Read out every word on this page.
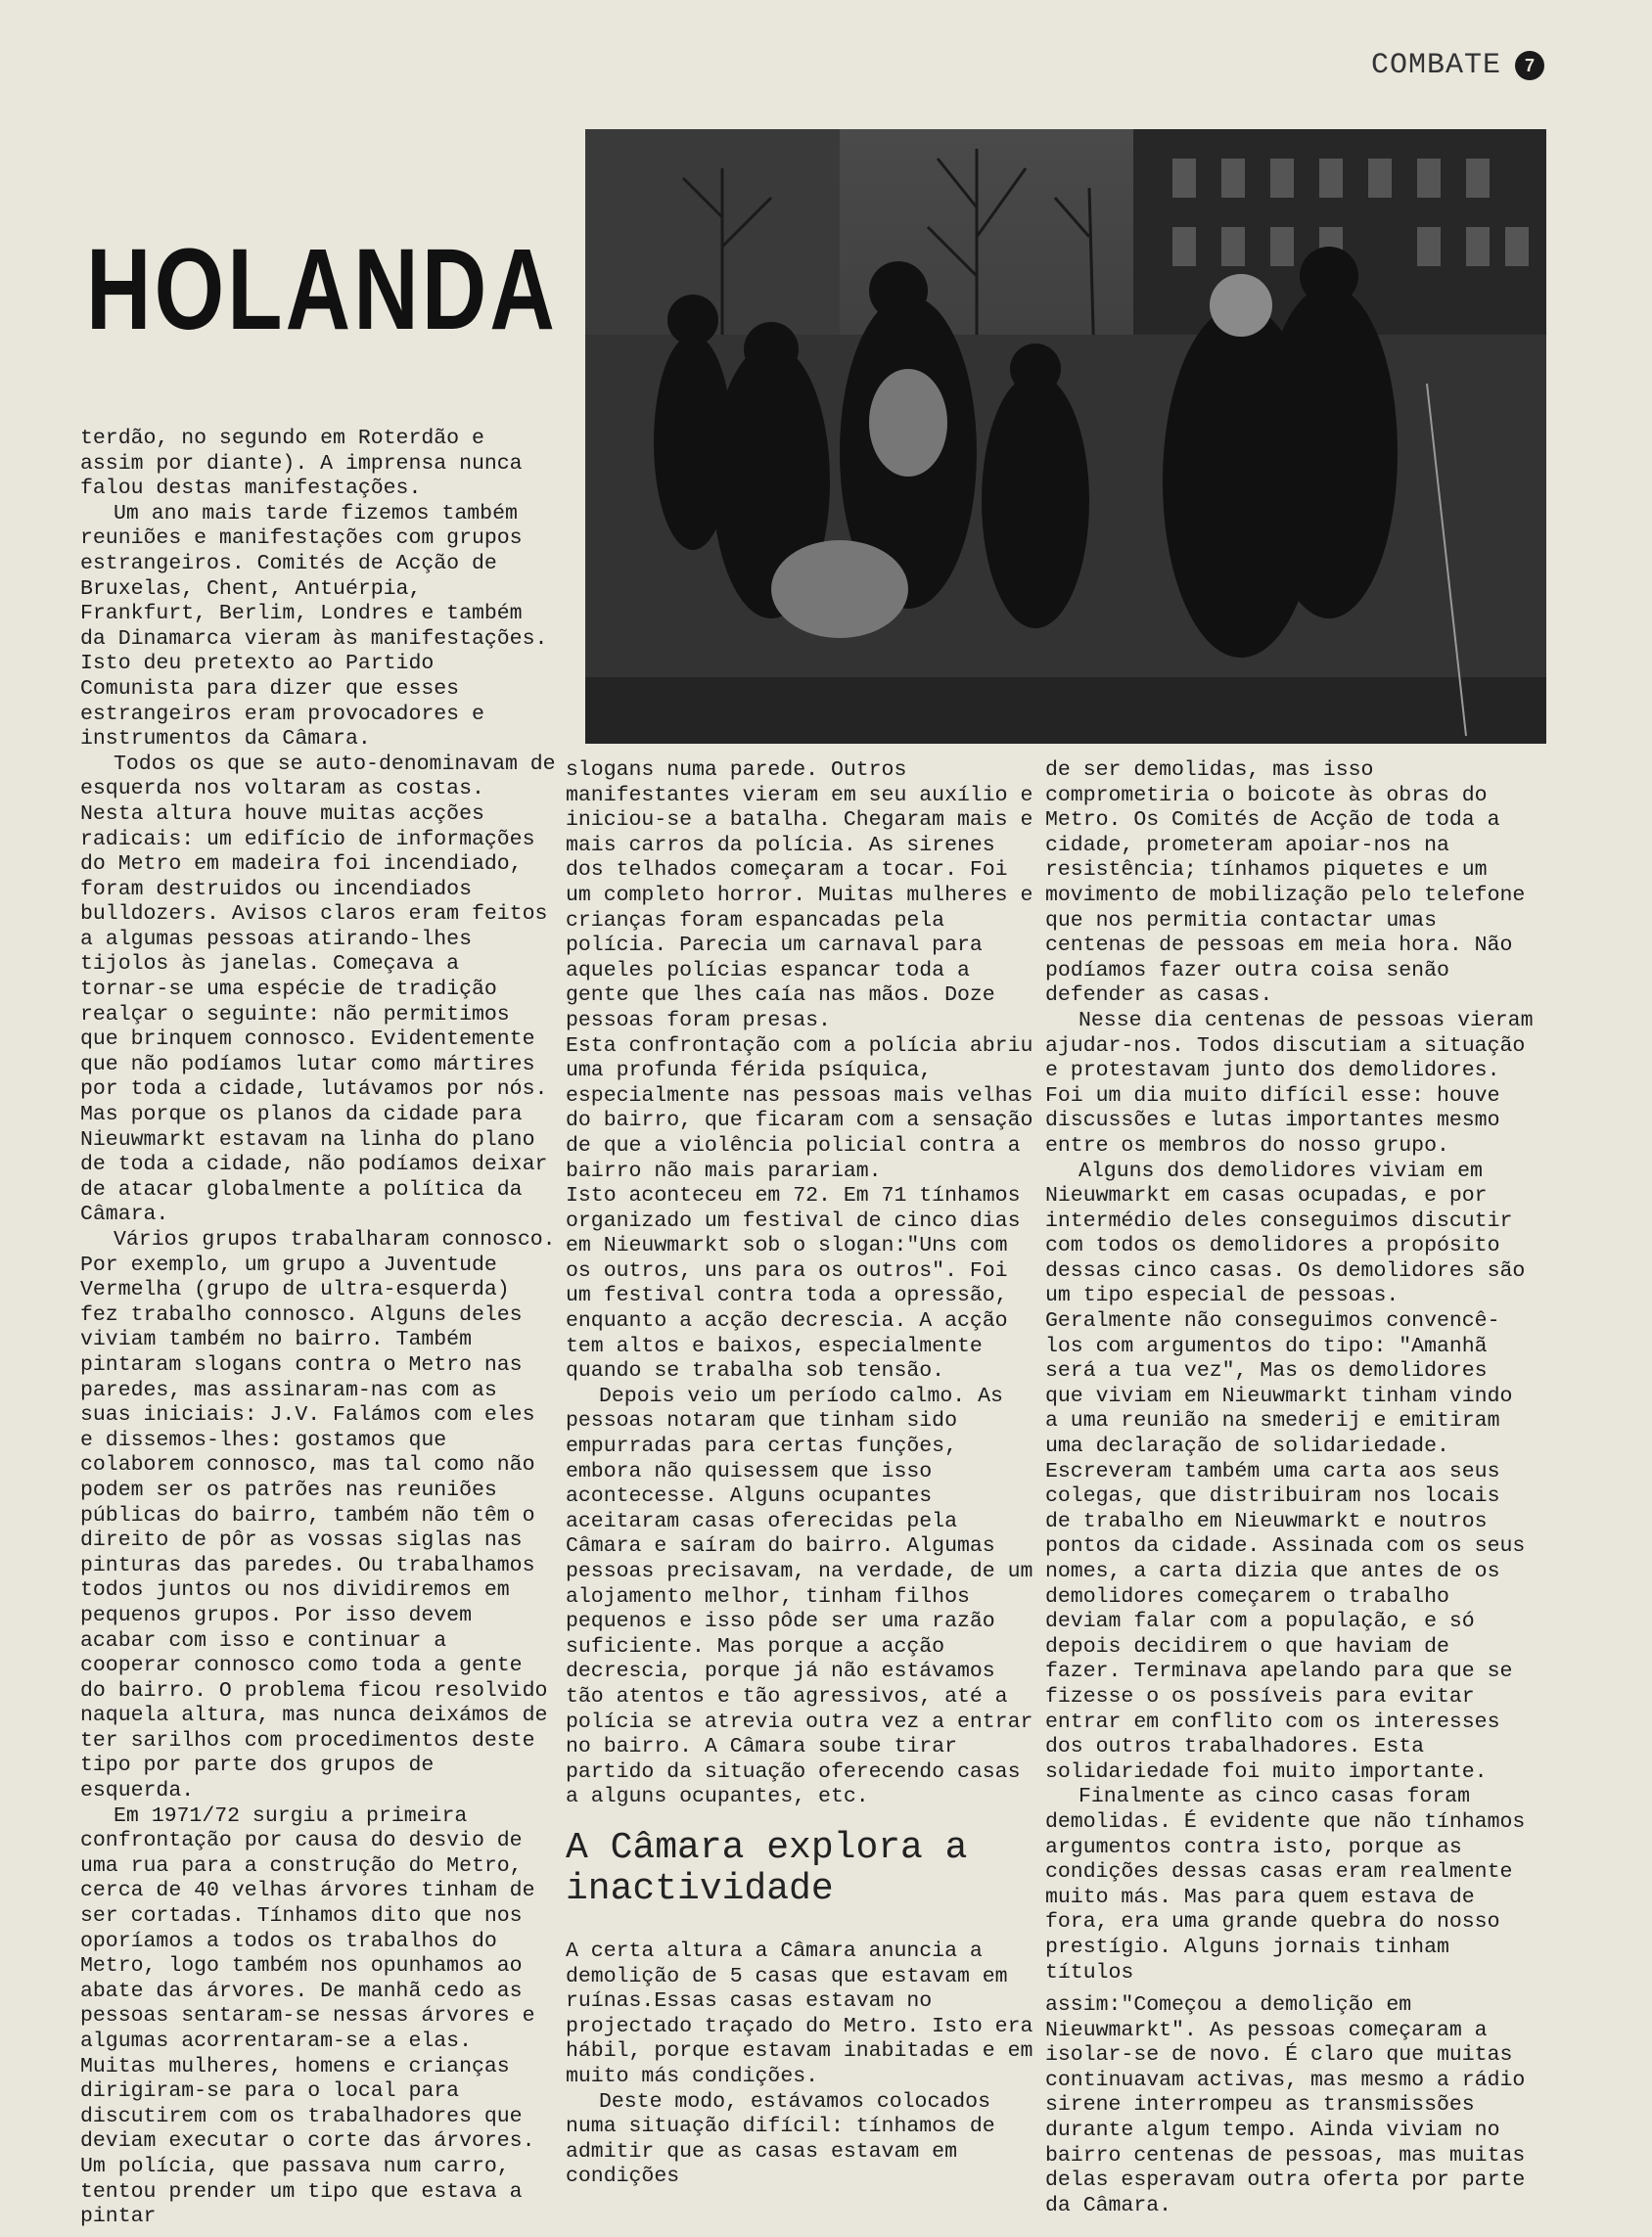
COMBATE	7
HOLANDA

terdão, no segundo em Roterdão e assim por diante). A imprensa nunca falou destas manifestações.

Um ano mais tarde fizemos também reuniões e manifestações com grupos estrangeiros. Comités de Acção de Bruxelas, Chent, Antuérpia, Frankfurt, Berlim, Londres e também da Dinamarca vieram às manifestações. Isto deu pretexto ao Partido Comunista para dizer que esses estrangeiros eram provocadores e instrumentos da Câmara.

Todos os que se auto-denominavam de esquerda nos voltaram as costas. Nesta altura houve muitas acções radicais: um edifício de informações do Metro em madeira foi incendiado, foram destruidos ou incendiados bulldozers. Avisos claros eram feitos a algumas pessoas atirando-lhes tijolos às janelas. Começava a tornar-se uma espécie de tradição realçar o seguinte: não permitimos que brinquem connosco. Evidentemente que não podíamos lutar como mártires por toda a cidade, lutávamos por nós. Mas porque os planos da cidade para Nieuwmarkt estavam na linha do plano de toda a cidade, não podíamos deixar de atacar globalmente a política da Câmara.

Vários grupos trabalharam connosco. Por exemplo, um grupo a Juventude Vermelha (grupo de ultra-esquerda) fez trabalho connosco. Alguns deles viviam também no bairro. Também pintaram slogans contra o Metro nas paredes, mas assinaram-nas com as suas iniciais: J.V. Falámos com eles e dissemos-lhes: gostamos que colaborem connosco, mas tal como não podem ser os patrões nas reuniões públicas do bairro, também não têm o direito de pôr as vossas siglas nas pinturas das paredes. Ou trabalhamos todos juntos ou nos dividiremos em pequenos grupos. Por isso devem acabar com isso e continuar a cooperar connosco como toda a gente do bairro. O problema ficou resolvido naquela altura, mas nunca deixámos de ter sarilhos com procedimentos deste tipo por parte dos grupos de esquerda.

Em 1971/72 surgiu a primeira confrontação por causa do desvio de uma rua para a construção do Metro, cerca de 40 velhas árvores tinham de ser cortadas. Tínhamos dito que nos oporíamos a todos os trabalhos do Metro, logo também nos opunhamos ao abate das árvores. De manhã cedo as pessoas sentaram-se nessas árvores e algumas acorrentaram-se a elas. Muitas mulheres, homens e crianças dirigiram-se para o local para discutirem com os trabalhadores que deviam executar o corte das árvores. Um polícia, que passava num carro, tentou prender um tipo que estava a pintar

slogans numa parede. Outros manifestantes vieram em seu auxílio e iniciou-se a batalha. Chegaram mais e mais carros da polícia. As sirenes dos telhados começaram a tocar. Foi um completo horror. Muitas mulheres e crianças foram espancadas pela polícia. Parecia um carnaval para aqueles polícias espancar toda a gente que lhes caía nas mãos. Doze pessoas foram presas.

Esta confrontação com a polícia abriu uma profunda férida psíquica, especialmente nas pessoas mais velhas do bairro, que ficaram com a sensação de que a violência policial contra a bairro não mais parariam.

Isto aconteceu em 72. Em 71 tínhamos organizado um festival de cinco dias em Nieuwmarkt sob o slogan:"Uns com os outros, uns para os outros". Foi um festival contra toda a opressão, enquanto a acção decrescia. A acção tem altos e baixos, especialmente quando se trabalha sob tensão.

Depois veio um período calmo. As pessoas notaram que tinham sido empurradas para certas funções, embora não quisessem que isso acontecesse. Alguns ocupantes aceitaram casas oferecidas pela Câmara e saíram do bairro. Algumas pessoas precisavam, na verdade, de um alojamento melhor, tinham filhos pequenos e isso pôde ser uma razão suficiente. Mas porque a acção decrescia, porque já não estávamos tão atentos e tão agressivos, até a polícia se atrevia outra vez a entrar no bairro. A Câmara soube tirar partido da situação oferecendo casas a alguns ocupantes, etc.

A Câmara explora a inactividade

A certa altura a Câmara anuncia a demolição de 5 casas que estavam em ruínas.Essas casas estavam no projectado traçado do Metro. Isto era hábil, porque estavam inabitadas e em muito más condições.

Deste modo, estávamos colocados numa situação difícil: tínhamos de admitir que as casas estavam em condições

de ser demolidas, mas isso comprometiria o boicote às obras do Metro. Os Comités de Acção de toda a cidade, prometeram apoiar-nos na resistência; tínhamos piquetes e um movimento de mobilização pelo telefone que nos permitia contactar umas centenas de pessoas em meia hora. Não podíamos fazer outra coisa senão defender as casas.

Nesse dia centenas de pessoas vieram ajudar-nos. Todos discutiam a situação e protestavam junto dos demolidores. Foi um dia muito difícil esse: houve discussões e lutas importantes mesmo entre os membros do nosso grupo.

Alguns dos demolidores viviam em Nieuwmarkt em casas ocupadas, e por intermédio deles conseguimos discutir com todos os demolidores a propósito dessas cinco casas. Os demolidores são um tipo especial de pessoas. Geralmente não conseguimos convencê-los com argumentos do tipo: "Amanhã será a tua vez", Mas os demolidores que viviam em Nieuwmarkt tinham vindo a uma reunião na smederij e emitiram uma declaração de solidariedade. Escreveram também uma carta aos seus colegas, que distribuiram nos locais de trabalho em Nieuwmarkt e noutros pontos da cidade. Assinada com os seus nomes, a carta dizia que antes de os demolidores começarem o trabalho deviam falar com a população, e só depois decidirem o que haviam de fazer. Terminava apelando para que se fizesse o os possíveis para evitar entrar em conflito com os interesses dos outros trabalhadores. Esta solidariedade foi muito importante.

Finalmente as cinco casas foram demolidas. É evidente que não tínhamos argumentos contra isto, porque as condições dessas casas eram realmente muito más. Mas para quem estava de fora, era uma grande quebra do nosso prestígio. Alguns jornais tinham títulos

assim:"Começou a demolição em Nieuwmarkt". As pessoas começaram a isolar-se de novo. É claro que muitas continuavam activas, mas mesmo a rádio sirene interrompeu as transmissões durante algum tempo. Ainda viviam no bairro centenas de pessoas, mas muitas delas esperavam outra oferta por parte da Câmara.
